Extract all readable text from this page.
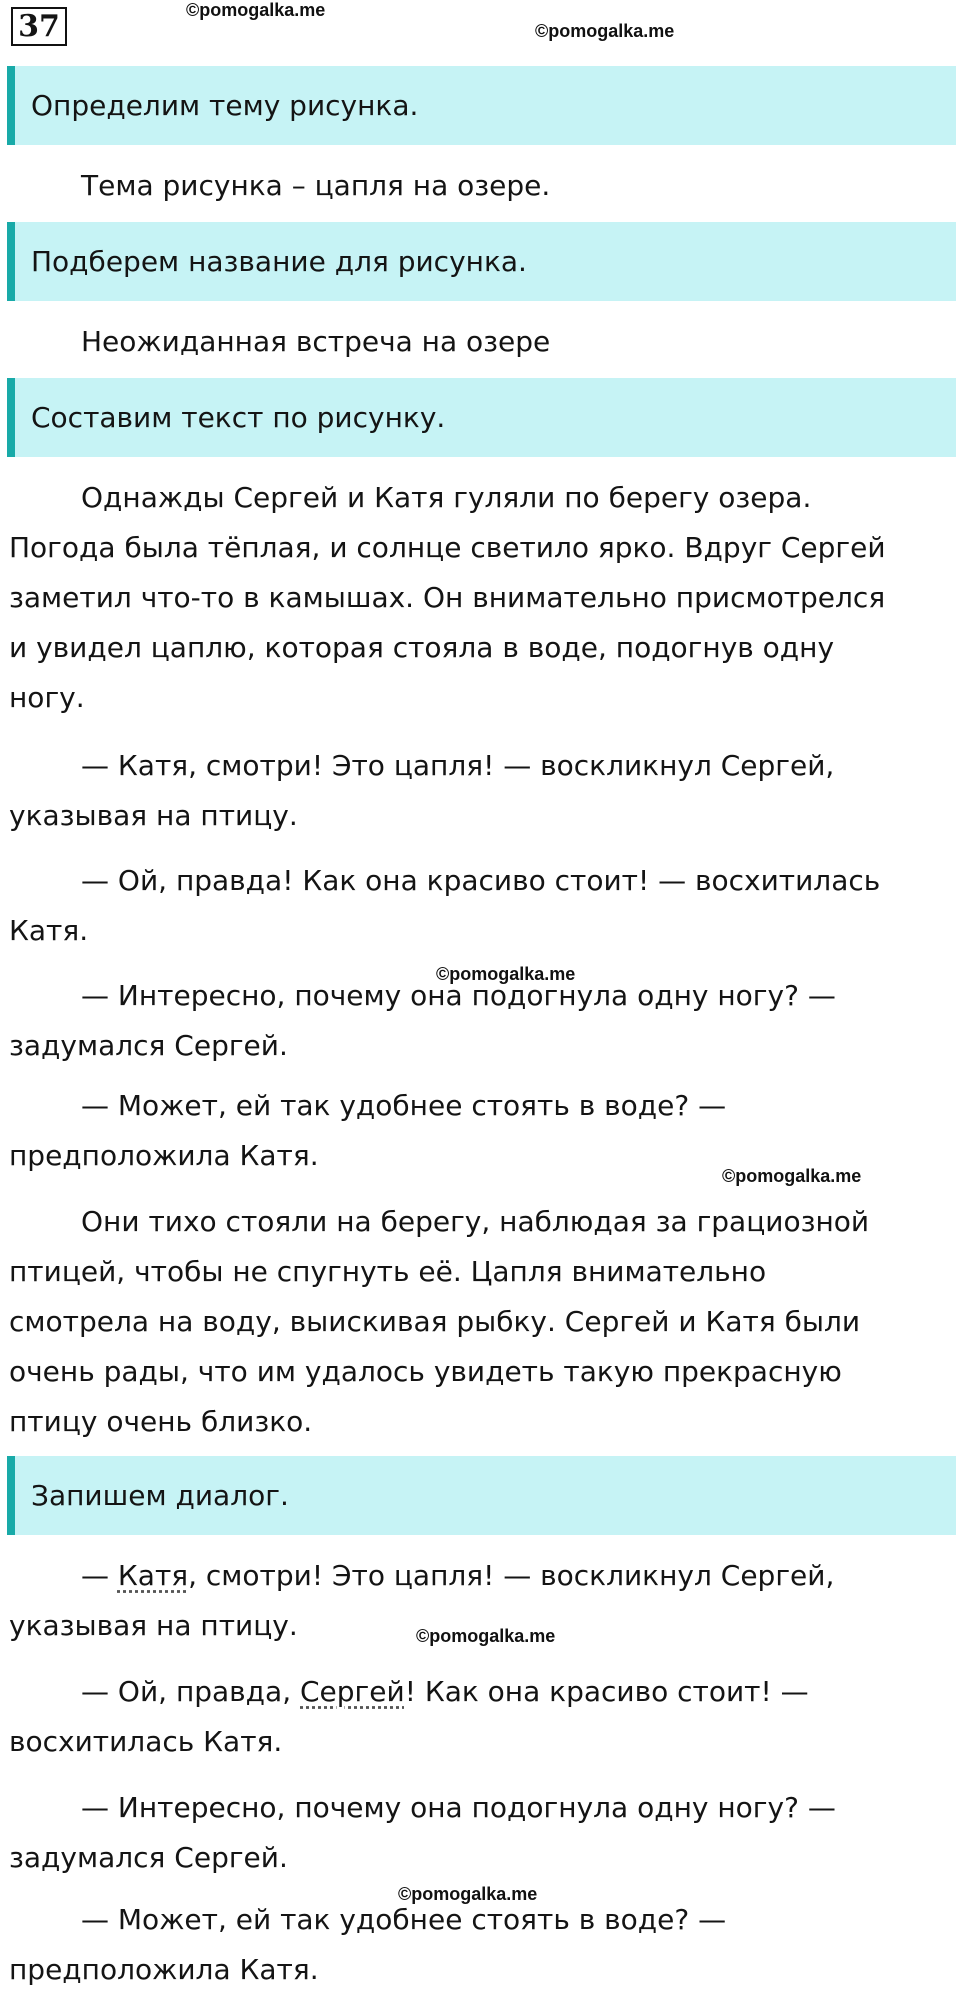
37	©pomogalka.me
©pomogalka.me
©pomogalka.me
©pomogalka.me
©pomogalka.me
©pomogalka.me
Определим тему рисунка.

Тема рисунка – цапля на озере.

Подберем название для рисунка.

Неожиданная встреча на озере

Составим текст по рисунку.

Однажды Сергей и Катя гуляли по берегу озера.
Погода была тёплая, и солнце светило ярко. Вдруг Сергей
заметил что-то в камышах. Он внимательно присмотрелся
и увидел цаплю, которая стояла в воде, подогнув одну
ногу.

— Катя, смотри! Это цапля! — воскликнул Сергей,
указывая на птицу.

— Ой, правда! Как она красиво стоит! — восхитилась
Катя.

— Интересно, почему она подогнула одну ногу? —
задумался Сергей.

— Может, ей так удобнее стоять в воде? —
предположила Катя.

Они тихо стояли на берегу, наблюдая за грациозной
птицей, чтобы не спугнуть её. Цапля внимательно
смотрела на воду, выискивая рыбку. Сергей и Катя были
очень рады, что им удалось увидеть такую прекрасную
птицу очень близко.

Запишем диалог.

— Катя, смотри! Это цапля! — воскликнул Сергей,
указывая на птицу.

— Ой, правда, Сергей! Как она красиво стоит! —
восхитилась Катя.

— Интересно, почему она подогнула одну ногу? —
задумался Сергей.

— Может, ей так удобнее стоять в воде? —
предположила Катя.
